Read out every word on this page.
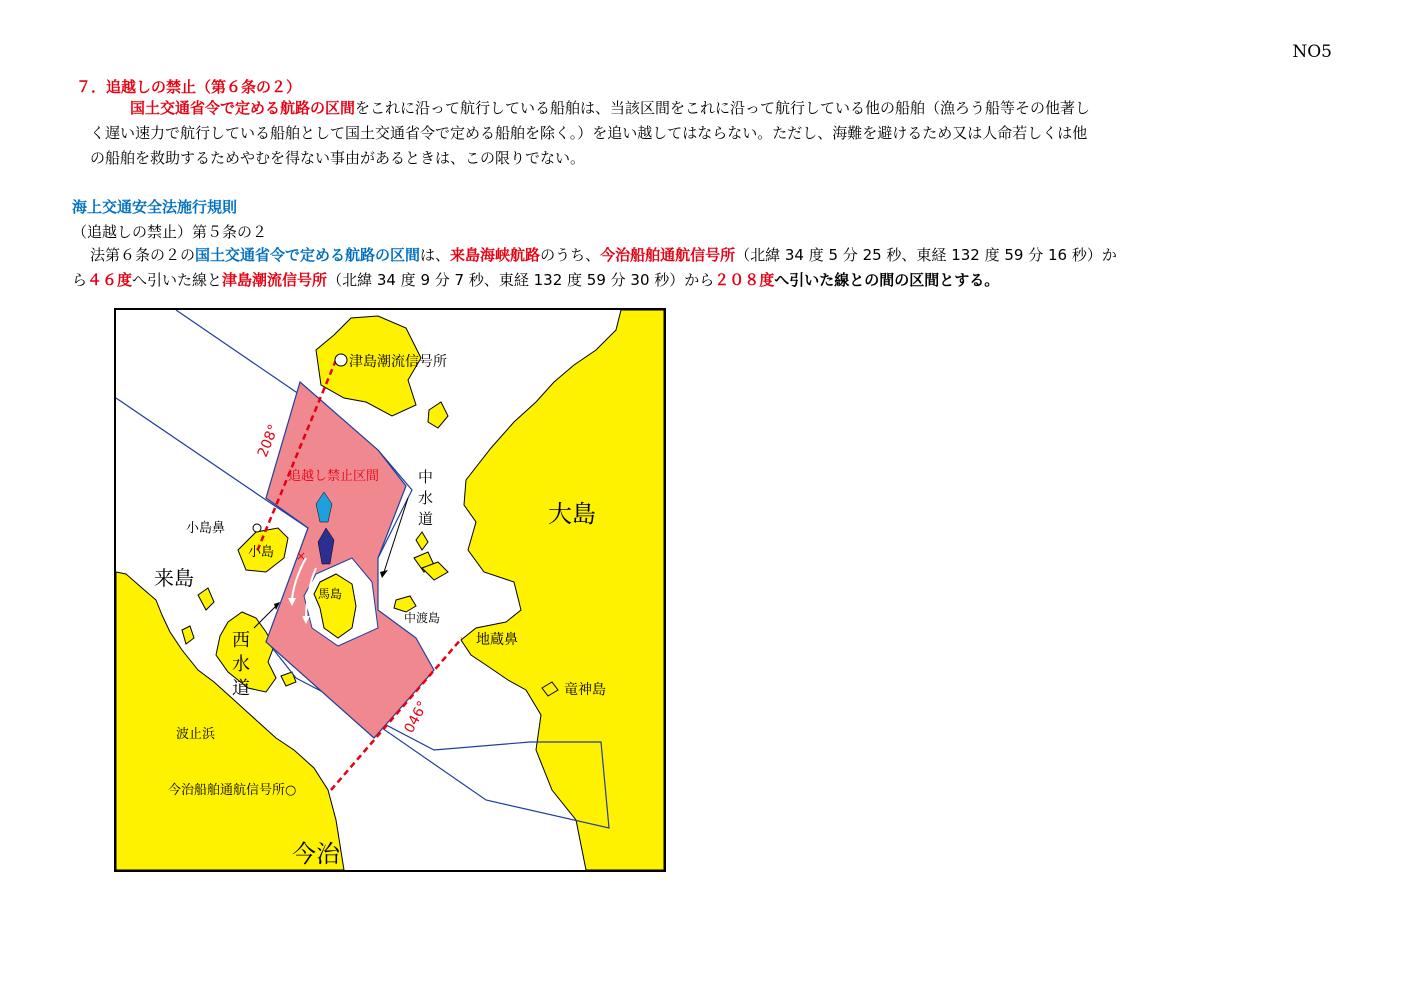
NO5
７．追越しの禁止（第６条の２）
国土交通省令で定める航路の区間をこれに沿って航行している船舶は、当該区間をこれに沿って航行している他の船舶（漁ろう船等その他著し
く遅い速力で航行している船舶として国土交通省令で定める船舶を除く。）を追い越してはならない。ただし、海難を避けるため又は人命若しくは他
の船舶を救助するためやむを得ない事由があるときは、この限りでない。
海上交通安全法施行規則
（追越しの禁止）第５条の２
法第６条の２の国土交通省令で定める航路の区間は、来島海峡航路のうち、今治船舶通航信号所（北緯 34 度 5 分 25 秒、東経 132 度 59 分 16 秒）か
ら４６度へ引いた線と津島潮流信号所（北緯 34 度 9 分 7 秒、東経 132 度 59 分 30 秒）から２０８度へ引いた線との間の区間とする。
×
津島潮流信号所
208°
追越し禁止区間	中
水
道	大島
小島鼻
小島
来島
馬島
中渡島
西
水
道
地蔵鼻
竜神島
046°
波止浜
今治船舶通航信号所○
今治
